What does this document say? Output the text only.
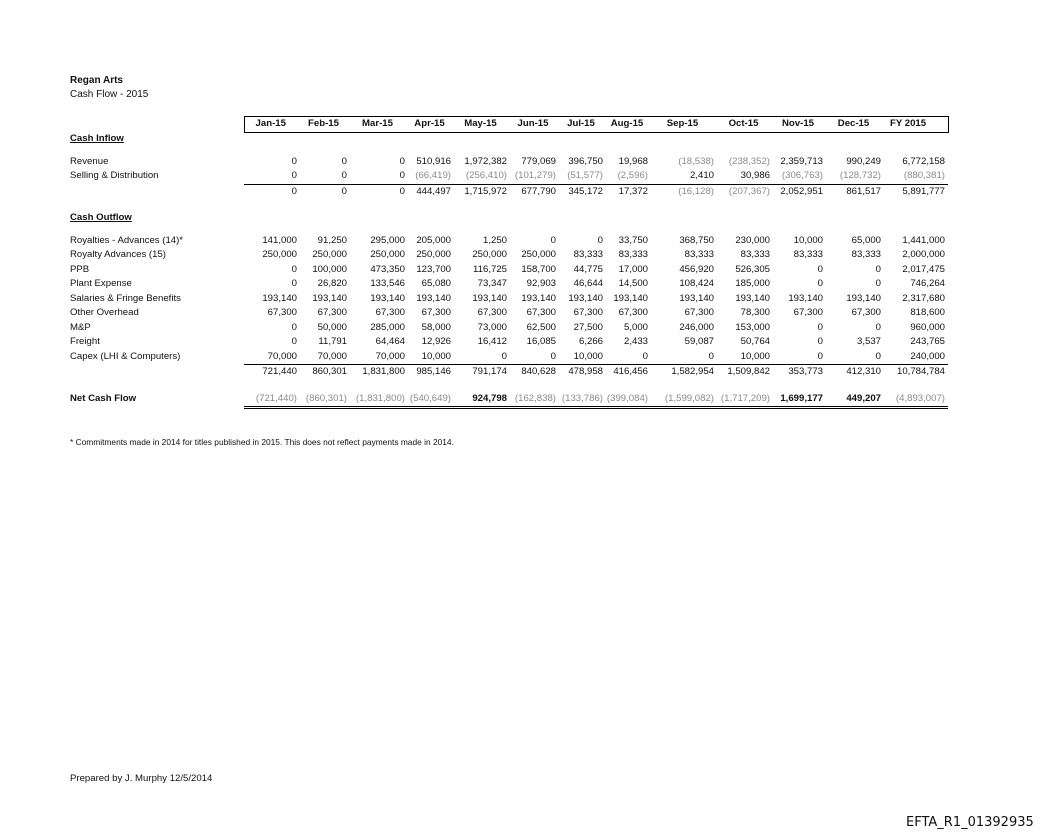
Regan Arts
Cash Flow - 2015
	Jan-15	Feb-15	Mar-15	Apr-15	May-15	Jun-15	Jul-15	Aug-15	Sep-15	Oct-15	Nov-15	Dec-15	FY 2015
Cash Inflow													

Revenue	0	0	0	510,916	1,972,382	779,069	396,750	19,968	(18,538)	(238,352)	2,359,713	990,249	6,772,158
Selling & Distribution	0	0	0	(66,419)	(256,410)	(101,279)	(51,577)	(2,596)	2,410	30,986	(306,763)	(128,732)	(880,381)
	0	0	0	444,497	1,715,972	677,790	345,172	17,372	(16,128)	(207,367)	2,052,951	861,517	5,891,777

Cash Outflow													

Royalties - Advances (14)*	141,000	91,250	295,000	205,000	1,250	0	0	33,750	368,750	230,000	10,000	65,000	1,441,000
Royalty Advances (15)	250,000	250,000	250,000	250,000	250,000	250,000	83,333	83,333	83,333	83,333	83,333	83,333	2,000,000
PPB	0	100,000	473,350	123,700	116,725	158,700	44,775	17,000	456,920	526,305	0	0	2,017,475
Plant Expense	0	26,820	133,546	65,080	73,347	92,903	46,644	14,500	108,424	185,000	0	0	746,264
Salaries & Fringe Benefits	193,140	193,140	193,140	193,140	193,140	193,140	193,140	193,140	193,140	193,140	193,140	193,140	2,317,680
Other Overhead	67,300	67,300	67,300	67,300	67,300	67,300	67,300	67,300	67,300	78,300	67,300	67,300	818,600
M&P	0	50,000	285,000	58,000	73,000	62,500	27,500	5,000	246,000	153,000	0	0	960,000
Freight	0	11,791	64,464	12,926	16,412	16,085	6,266	2,433	59,087	50,764	0	3,537	243,765
Capex (LHI & Computers)	70,000	70,000	70,000	10,000	0	0	10,000	0	0	10,000	0	0	240,000
	721,440	860,301	1,831,800	985,146	791,174	840,628	478,958	416,456	1,582,954	1,509,842	353,773	412,310	10,784,784

Net Cash Flow	(721,440)	(860,301)	(1,831,800)	(540,649)	924,798	(162,838)	(133,786)	(399,084)	(1,599,082)	(1,717,209)	1,699,177	449,207	(4,893,007)
* Commitments made in 2014 for titles published in 2015. This does not reflect payments made in 2014.
Prepared by J. Murphy 12/5/2014
EFTA_R1_01392935
